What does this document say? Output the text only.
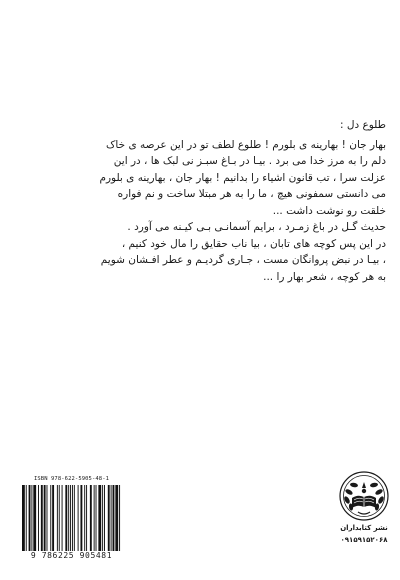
طلوع دل :
بهار جان ! بهارینه ی بلورم ! طلوع لطف تو در این عرصه ی خاک
دلم را به مرز خدا می برد . بیـا در بـاغ سبـز نی لبک ها ، در این
عزلت سرا ، تب قانون اشیاء را بدانیم ! بهار جان ، بهارینه ی بلورم
می دانستی سمفونی هیچ ، ما را به هر مبتلا ساخت و نم فواره
خلقت رو نوشت داشت ...
حدیث گـل در باغ زمـرد ، برایم آسمانـی بـی کیـنه می آورد .
در این پس کوچه های تابان ، بیا ناب حقایق را مال خود کنیم ،
، بیـا در نبض پروانگان مست ، جـاری گردیـم و عطر افـشان شویم
به هر کوچه ، شعر بهار را ...
ISBN 978-622-5905-48-1
9 786225 905481
نشر کتابداران
۰۹۱۵۹۱۵۲۰۶۸
